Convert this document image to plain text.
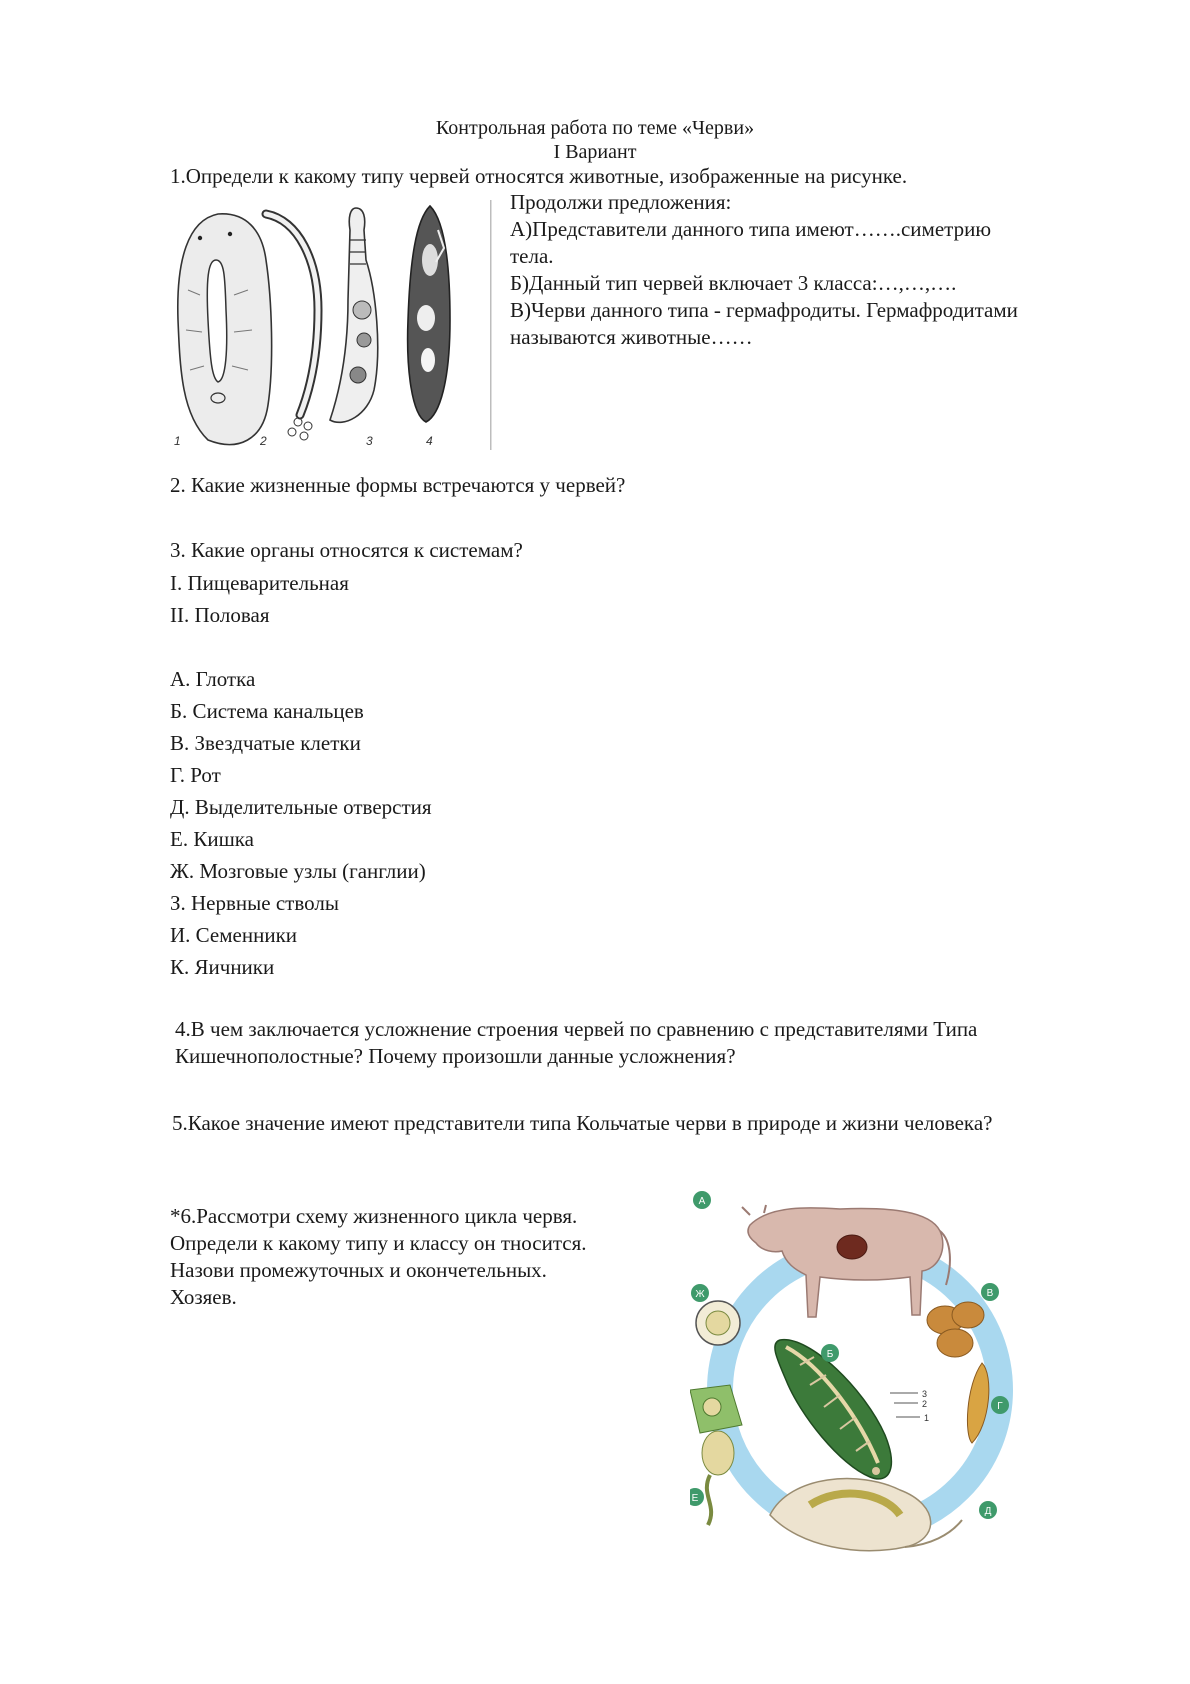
Контрольная работа по теме «Черви»

I Вариант

1.Определи к какому типу червей относятся животные, изображенные на рисунке.

Продолжи предложения:

А)Представители данного типа имеют…….симетрию

тела.

Б)Данный тип червей включает 3 класса:…,…,….

В)Черви данного типа - гермафродиты. Гермафродитами

называются животные……

1	2	3	4

2. Какие жизненные формы встречаются у червей?

3. Какие органы относятся к системам?

I. Пищеварительная
II. Половая
А. Глотка
Б. Система канальцев
В. Звездчатые клетки
Г. Рот
Д. Выделительные отверстия
Е. Кишка
Ж. Мозговые узлы (ганглии)
З. Нервные стволы
И. Семенники
К. Яичники

4.В чем заключается усложнение строения червей по сравнению с представителями Типа Кишечнополостные? Почему произошли данные усложнения?

5.Какое значение имеют представители типа Кольчатые черви в природе и жизни человека?

*6.Рассмотри схему жизненного цикла червя.
Определи к какому типу и классу он тносится.
Назови промежуточных и окончетельных.
Хозяев.
3
2
1
А
Б
В
Г
Д
Е
Ж
